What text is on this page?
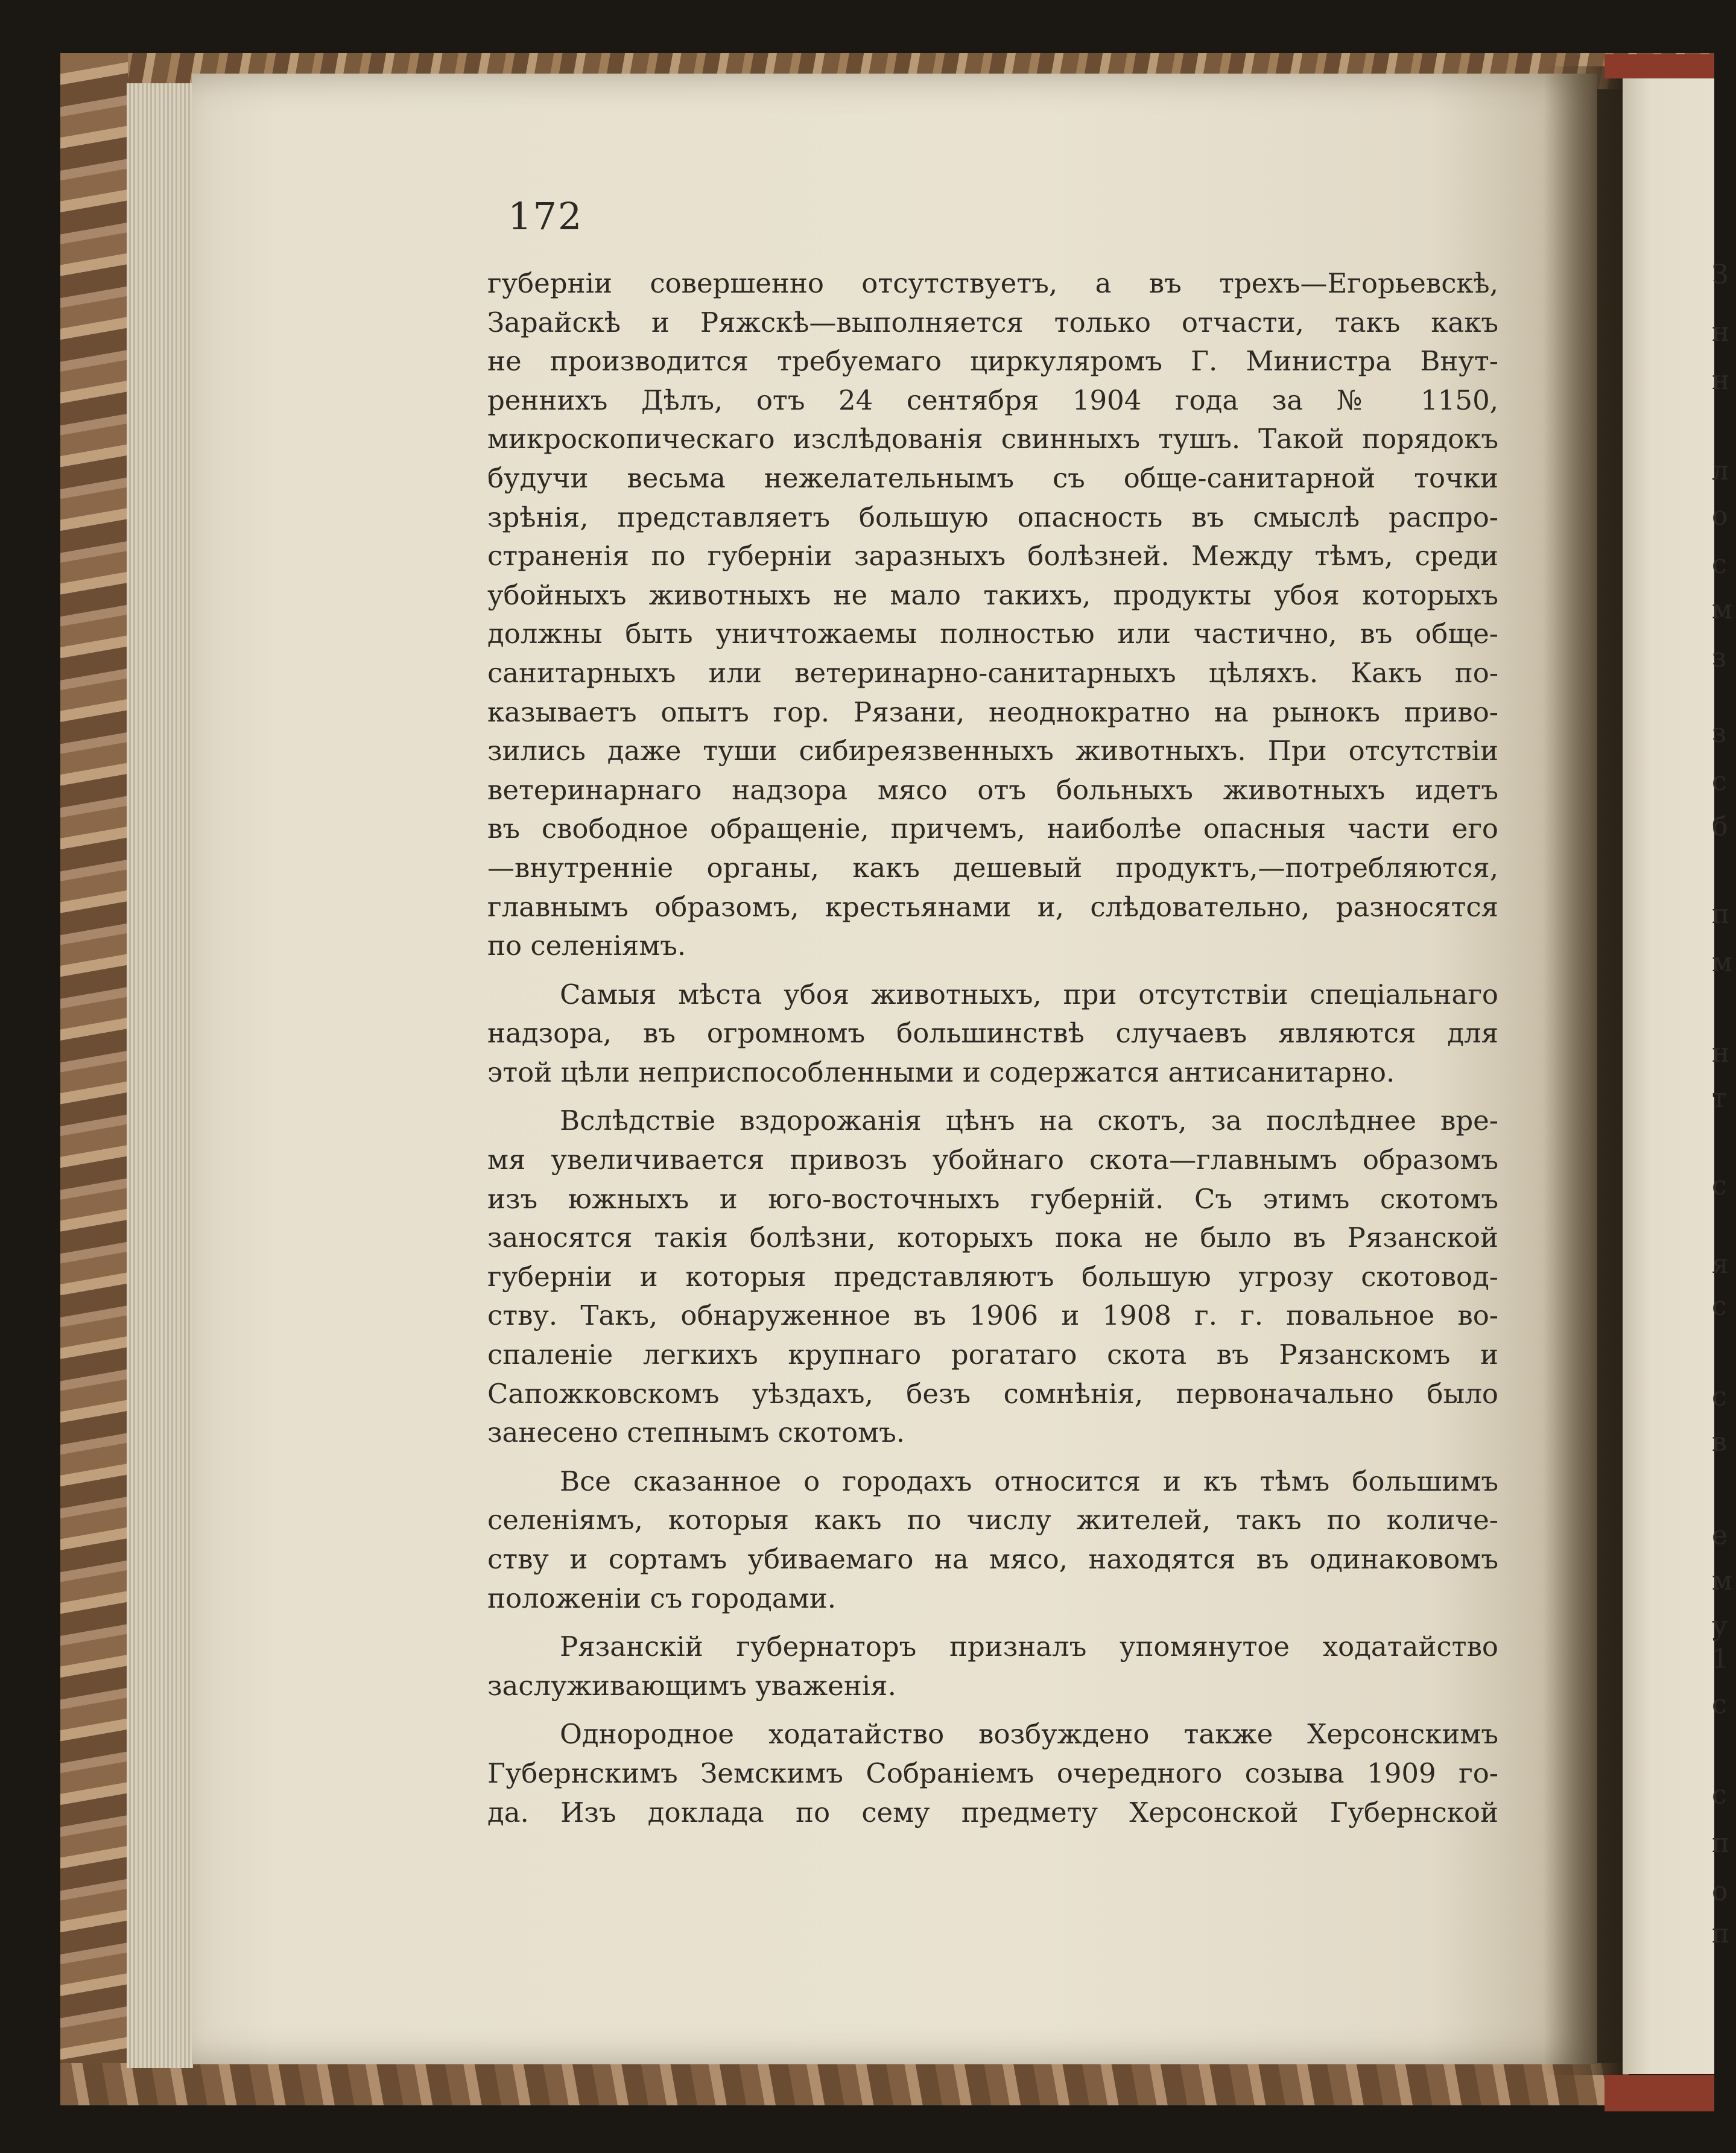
172

губерніи совершенно отсутствуетъ, а въ трехъ—Егорьевскѣ,

Зарайскѣ и Ряжскѣ—выполняется только отчасти, такъ какъ

не производится требуемаго циркуляромъ Г. Министра Внут-

реннихъ Дѣлъ, отъ 24 сентября 1904 года за № 1150,

микроскопическаго изслѣдованія свинныхъ тушъ. Такой порядокъ

будучи весьма нежелательнымъ съ обще-санитарной точки

зрѣнія, представляетъ большую опасность въ смыслѣ распро-

страненія по губерніи заразныхъ болѣзней. Между тѣмъ, среди

убойныхъ животныхъ не мало такихъ, продукты убоя которыхъ

должны быть уничтожаемы полностью или частично, въ обще-

санитарныхъ или ветеринарно-санитарныхъ цѣляхъ. Какъ по-

казываетъ опытъ гор. Рязани, неоднократно на рынокъ приво-

зились даже туши сибиреязвенныхъ животныхъ. При отсутствіи

ветеринарнаго надзора мясо отъ больныхъ животныхъ идетъ

въ свободное обращеніе, причемъ, наиболѣе опасныя части его

—внутренніе органы, какъ дешевый продуктъ,—потребляются,

главнымъ образомъ, крестьянами и, слѣдовательно, разносятся

по селеніямъ.

Самыя мѣста убоя животныхъ, при отсутствіи спеціальнаго

надзора, въ огромномъ большинствѣ случаевъ являются для

этой цѣли неприспособленными и содержатся антисанитарно.

Вслѣдствіе вздорожанія цѣнъ на скотъ, за послѣднее вре-

мя увеличивается привозъ убойнаго скота—главнымъ образомъ

изъ южныхъ и юго-восточныхъ губерній. Съ этимъ скотомъ

заносятся такія болѣзни, которыхъ пока не было въ Рязанской

губерніи и которыя представляютъ большую угрозу скотовод-

ству. Такъ, обнаруженное въ 1906 и 1908 г. г. повальное во-

спаленіе легкихъ крупнаго рогатаго скота въ Рязанскомъ и

Сапожковскомъ уѣздахъ, безъ сомнѣнія, первоначально было

занесено степнымъ скотомъ.

Все сказанное о городахъ относится и къ тѣмъ большимъ

селеніямъ, которыя какъ по числу жителей, такъ по количе-

ству и сортамъ убиваемаго на мясо, находятся въ одинаковомъ

положеніи съ городами.

Рязанскій губернаторъ призналъ упомянутое ходатайство

заслуживающимъ уваженія.

Однородное ходатайство возбуждено также Херсонскимъ

Губернскимъ Земскимъ Собраніемъ очередного созыва 1909 го-

да. Изъ доклада по сему предмету Херсонской Губернской

З
н
н
л
о
с
м
з
з
с
б
п
м
н
т
с
я
с
с
в
е
м
у
1
с
с
п
о
п
